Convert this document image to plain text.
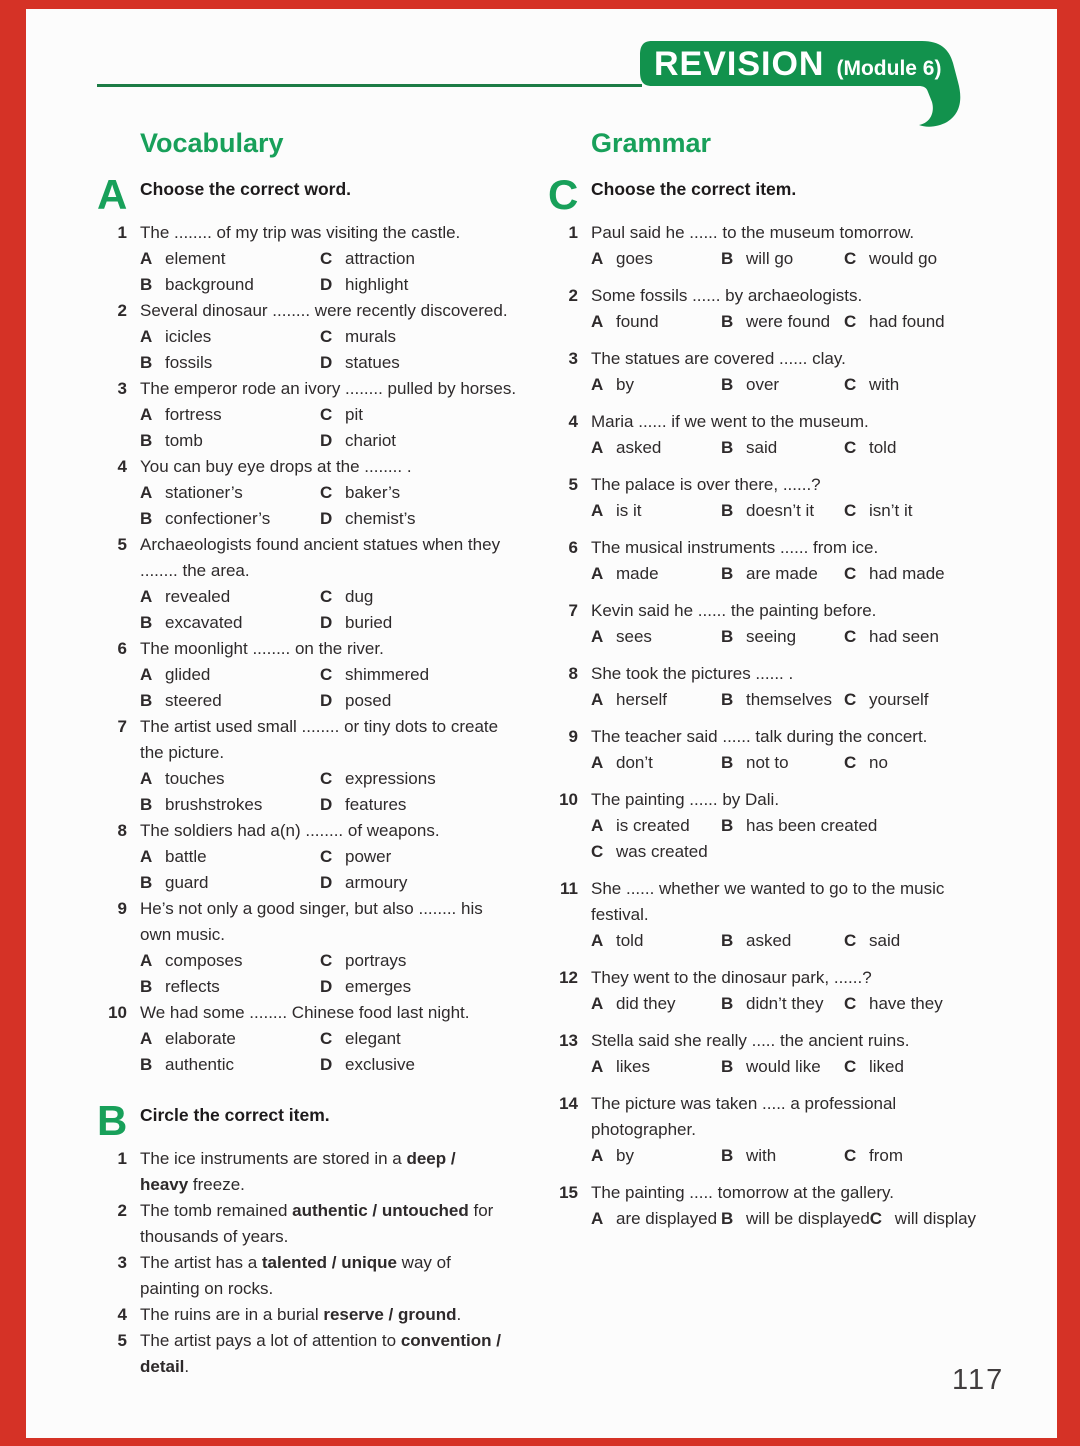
REVISION (Module 6)
Vocabulary
A Choose the correct word.

1 The ........ of my trip was visiting the castle.
A element
B background
C attraction
D highlight
2 Several dinosaur ........ were recently discovered.
A icicles
B fossils
C murals
D statues
3 The emperor rode an ivory ........ pulled by horses.
A fortress
B tomb
C pit
D chariot
4 You can buy eye drops at the ........ .
A stationer’s
B confectioner’s
C baker’s
D chemist’s
5 Archaeologists found ancient statues when they
........ the area.
A revealed
B excavated
C dug
D buried
6 The moonlight ........ on the river.
A glided
B steered
C shimmered
D posed
7 The artist used small ........ or tiny dots to create
the picture.
A touches
B brushstrokes
C expressions
D features
8 The soldiers had a(n) ........ of weapons.
A battle
B guard
C power
D armoury
9 He’s not only a good singer, but also ........ his
own music.
A composes
B reflects
C portrays
D emerges
10 We had some ........ Chinese food last night.
A elaborate
B authentic
C elegant
D exclusive
B Circle the correct item.

1 The ice instruments are stored in a deep /
heavy freeze.
2 The tomb remained authentic / untouched for
thousands of years.
3 The artist has a talented / unique way of
painting on rocks.
4 The ruins are in a burial reserve / ground.
5 The artist pays a lot of attention to convention /
detail.
Grammar
C Choose the correct item.

1 Paul said he ...... to the museum tomorrow.
A goes	B will go	C would go
2 Some fossils ...... by archaeologists.
A found	B were found C had found
3 The statues are covered ...... clay.
A by	B over	C with
4 Maria ...... if we went to the museum.
A asked	B said	C told
5 The palace is over there, ......?
A is it	B doesn’t it C isn’t it
6 The musical instruments ...... from ice.
A made	B are made C had made
7 Kevin said he ...... the painting before.
A sees	B seeing	C had seen
8 She took the pictures ...... .
A herself	B themselves C yourself
9 The teacher said ...... talk during the concert.
A don’t	B not to	C no
10 The painting ...... by Dali.
A is created B has been created
C was created
11 She ...... whether we wanted to go to the music
festival.
A told	B asked	C said
12 They went to the dinosaur park, ......?
A did they	B didn’t they C have they
13 Stella said she really ..... the ancient ruins.
A likes	B would like C liked
14 The picture was taken ..... a professional
photographer.
A by	B with	C from
15 The painting ..... tomorrow at the gallery.
A are displayed B will be displayed C will display
117
